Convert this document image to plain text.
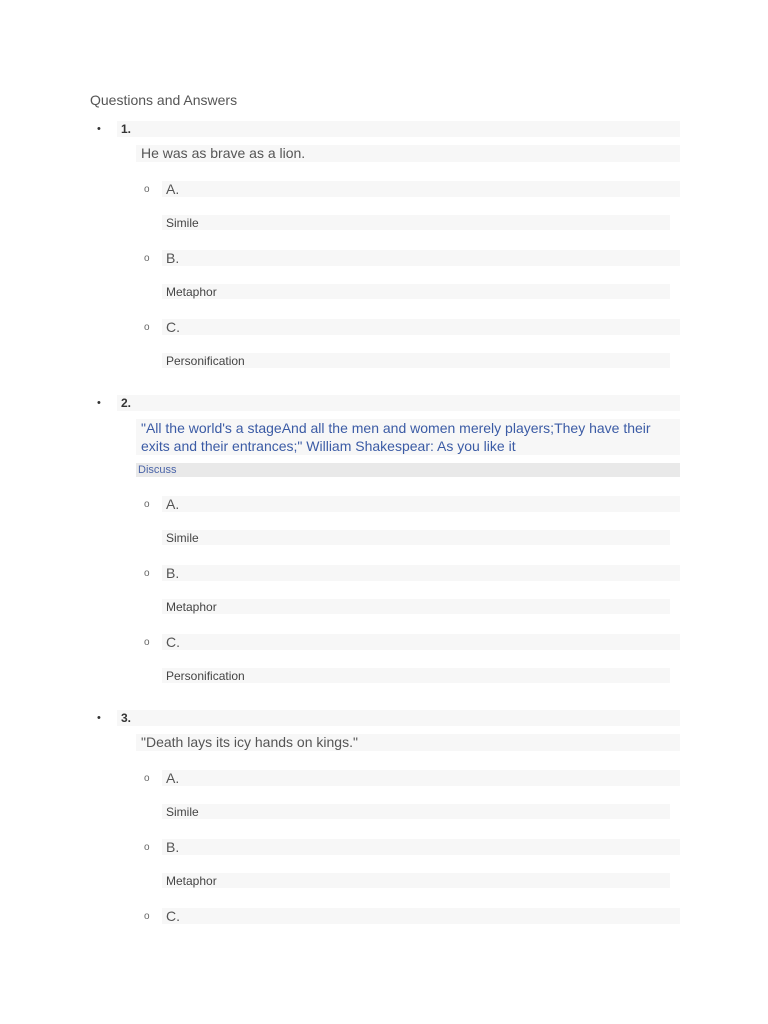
Questions and Answers
• 1.
He was as brave as a lion.
o A.
Simile
o B.
Metaphor
o C.
Personification
• 2.
"All the world's a stageAnd all the men and women merely players;They have their exits and their entrances;" William Shakespear: As you like it
Discuss
o A.
Simile
o B.
Metaphor
o C.
Personification
• 3.
"Death lays its icy hands on kings."
o A.
Simile
o B.
Metaphor
o C.
